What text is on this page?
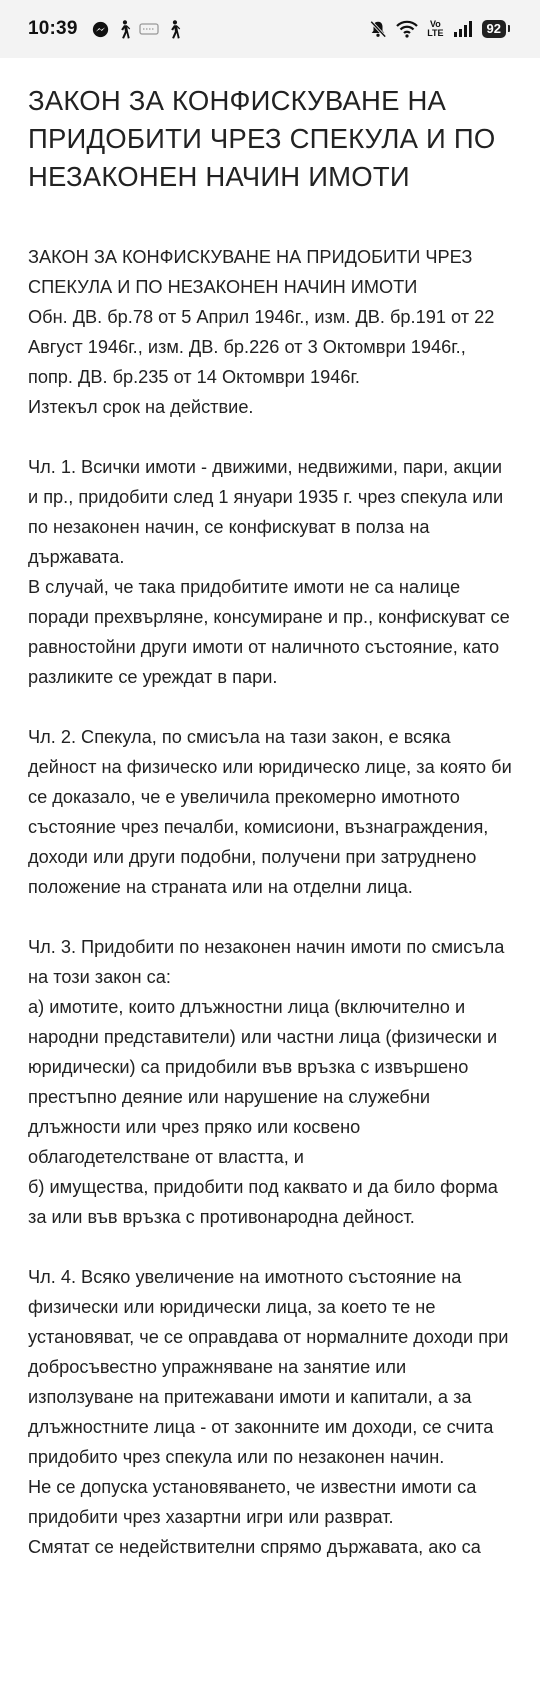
10:39	Vo
LTE	92
ЗАКОН ЗА КОНФИСКУВАНЕ НА ПРИДОБИТИ ЧРЕЗ СПЕКУЛА И ПО НЕЗАКОНЕН НАЧИН ИМОТИ

ЗАКОН ЗА КОНФИСКУВАНЕ НА ПРИДОБИТИ ЧРЕЗ СПЕКУЛА И ПО НЕЗАКОНЕН НАЧИН ИМОТИ

Обн. ДВ. бр.78 от 5 Април 1946г., изм. ДВ. бр.191 от 22 Август 1946г., изм. ДВ. бр.226 от 3 Октомври 1946г., попр. ДВ. бр.235 от 14 Октомври 1946г.

Изтекъл срок на действие.

Чл. 1. Всички имоти - движими, недвижими, пари, акции и пр., придобити след 1 януари 1935 г. чрез спекула или по незаконен начин, се конфискуват в полза на държавата.

В случай, че така придобитите имоти не са налице поради прехвърляне, консумиране и пр., конфискуват се равностойни други имоти от наличното състояние, като разликите се уреждат в пари.

Чл. 2. Спекула, по смисъла на тази закон, е всяка дейност на физическо или юридическо лице, за която би се доказало, че е увеличила прекомерно имотното състояние чрез печалби, комисиони, възнаграждения, доходи или други подобни, получени при затруднено положение на страната или на отделни лица.

Чл. 3. Придобити по незаконен начин имоти по смисъла на този закон са:

а) имотите, които длъжностни лица (включително и народни представители) или частни лица (физически и юридически) са придобили във връзка с извършено престъпно деяние или нарушение на служебни длъжности или чрез пряко или косвено облагодетелстване от властта, и

б) имущества, придобити под каквато и да било форма за или във връзка с противонародна дейност.

Чл. 4. Всяко увеличение на имотното състояние на физически или юридически лица, за което те не установяват, че се оправдава от нормалните доходи при добросъвестно упражняване на занятие или използуване на притежавани имоти и капитали, а за длъжностните лица - от законните им доходи, се счита придобито чрез спекула или по незаконен начин.

Не се допуска установяването, че известни имоти са придобити чрез хазартни игри или разврат.

Смятат се недействителни спрямо държавата, ако са
